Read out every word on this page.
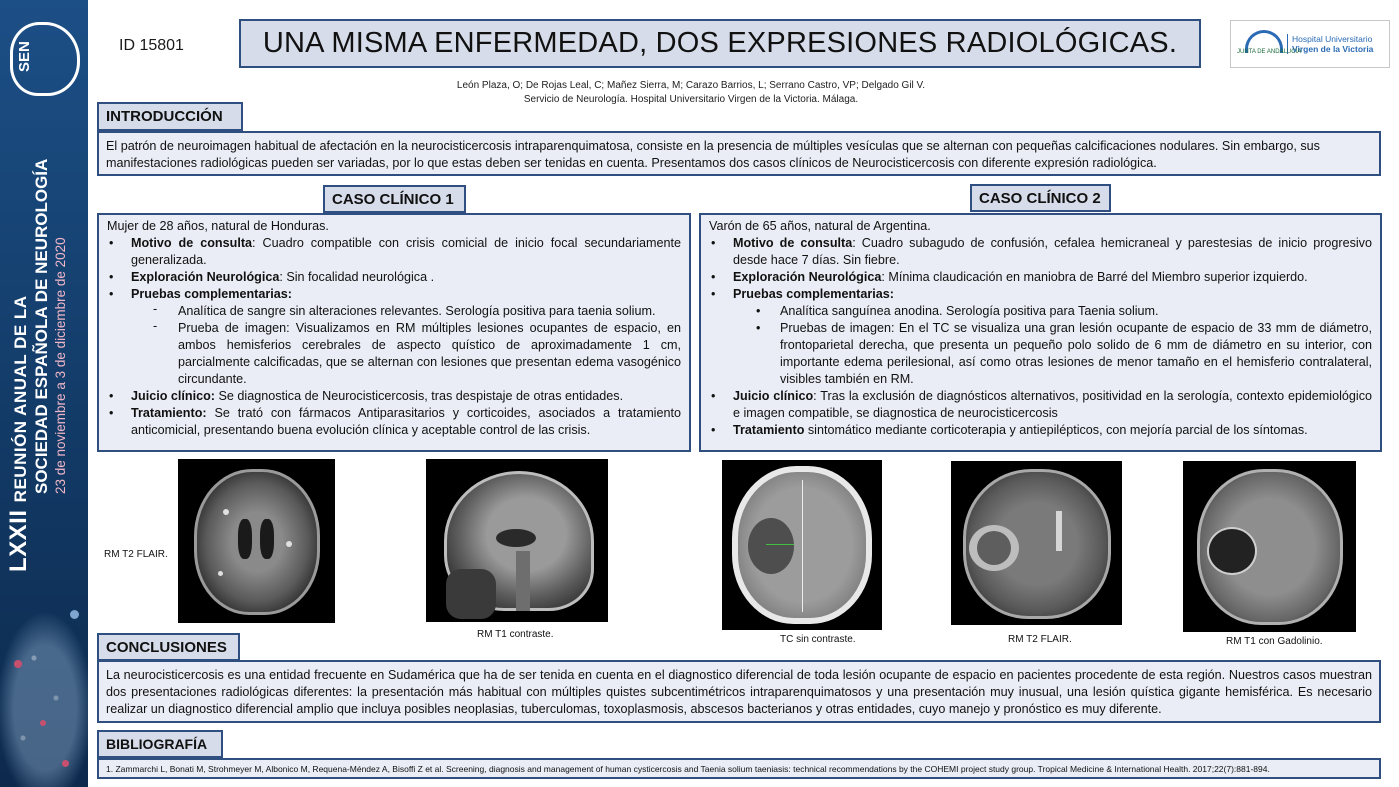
SEN
LXXII REUNIÓN ANUAL DE LA SOCIEDAD ESPAÑOLA DE NEUROLOGÍA 23 de noviembre a 3 de diciembre de 2020
ID 15801	UNA MISMA ENFERMEDAD, DOS EXPRESIONES RADIOLÓGICAS.	JUNTA DE ANDALUCIA
Hospital Universitario
Virgen de la Victoria
León Plaza, O; De Rojas Leal, C; Mañez Sierra, M; Carazo Barrios, L; Serrano Castro, VP; Delgado Gil V.
Servicio de Neurología. Hospital Universitario Virgen de la Victoria. Málaga.
INTRODUCCIÓN
El patrón de neuroimagen habitual de afectación en la neurocisticercosis intraparenquimatosa, consiste en la presencia de múltiples vesículas que se alternan con pequeñas calcificaciones nodulares. Sin embargo, sus manifestaciones radiológicas pueden ser variadas, por lo que estas deben ser tenidas en cuenta. Presentamos dos casos clínicos de Neurocisticercosis con diferente expresión radiológica.
CASO CLÍNICO 1	CASO CLÍNICO 2
Mujer de 28 años, natural de Honduras.
• Motivo de consulta: Cuadro compatible con crisis comicial de inicio focal secundariamente generalizada.
• Exploración Neurológica: Sin focalidad neurológica .
• Pruebas complementarias:
- Analítica de sangre sin alteraciones relevantes. Serología positiva para taenia solium.
- Prueba de imagen: Visualizamos en RM múltiples lesiones ocupantes de espacio, en ambos hemisferios cerebrales de aspecto quístico de aproximadamente 1 cm, parcialmente calcificadas, que se alternan con lesiones que presentan edema vasogénico circundante.
• Juicio clínico: Se diagnostica de Neurocisticercosis, tras despistaje de otras entidades.
• Tratamiento: Se trató con fármacos Antiparasitarios y corticoides, asociados a tratamiento anticomicial, presentando buena evolución clínica y aceptable control de las crisis.
Varón de 65 años, natural de Argentina.
• Motivo de consulta: Cuadro subagudo de confusión, cefalea hemicraneal y parestesias de inicio progresivo desde hace 7 días. Sin fiebre.
• Exploración Neurológica: Mínima claudicación en maniobra de Barré del Miembro superior izquierdo.
• Pruebas complementarias:
• Analítica sanguínea anodina. Serología positiva para Taenia solium.
• Pruebas de imagen: En el TC se visualiza una gran lesión ocupante de espacio de 33 mm de diámetro, frontoparietal derecha, que presenta un pequeño polo solido de 6 mm de diámetro en su interior, con importante edema perilesional, así como otras lesiones de menor tamaño en el hemisferio contralateral, visibles también en RM.
• Juicio clínico: Tras la exclusión de diagnósticos alternativos, positividad en la serología, contexto epidemiológico e imagen compatible, se diagnostica de neurocisticercosis
• Tratamiento sintomático mediante corticoterapia y antiepilépticos, con mejoría parcial de los síntomas.
RM T2 FLAIR.
RM T1 contraste.	TC sin contraste.	RM T2 FLAIR.	RM T1 con Gadolinio.
CONCLUSIONES
La neurocisticercosis es una entidad frecuente en Sudamérica que ha de ser tenida en cuenta en el diagnostico diferencial de toda lesión ocupante de espacio en pacientes procedente de esta región. Nuestros casos muestran dos presentaciones radiológicas diferentes: la presentación más habitual con múltiples quistes subcentimétricos intraparenquimatosos y una presentación muy inusual, una lesión quística gigante hemisférica. Es necesario realizar un diagnostico diferencial amplio que incluya posibles neoplasias, tuberculomas, toxoplasmosis, abscesos bacterianos y otras entidades, cuyo manejo y pronóstico es muy diferente.
BIBLIOGRAFÍA
1. Zammarchi L, Bonati M, Strohmeyer M, Albonico M, Requena-Méndez A, Bisoffi Z et al. Screening, diagnosis and management of human cysticercosis and Taenia solium taeniasis: technical recommendations by the COHEMI project study group. Tropical Medicine & International Health. 2017;22(7):881-894.
